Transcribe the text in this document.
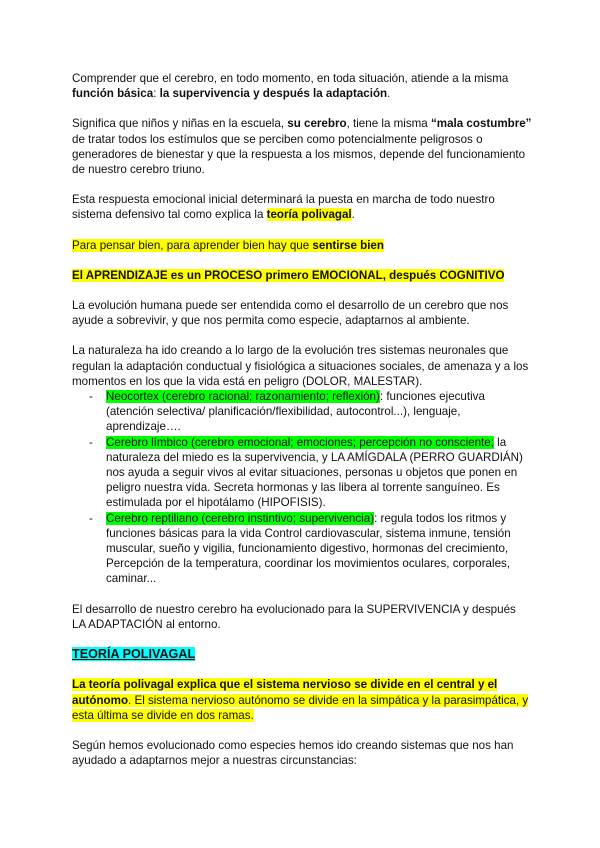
Comprender que el cerebro, en todo momento, en toda situación, atiende a la misma función básica: la supervivencia y después la adaptación.

Significa que niños y niñas en la escuela, su cerebro, tiene la misma “mala costumbre” de tratar todos los estímulos que se perciben como potencialmente peligrosos o generadores de bienestar y que la respuesta a los mismos, depende del funcionamiento de nuestro cerebro triuno.

Esta respuesta emocional inicial determinará la puesta en marcha de todo nuestro sistema defensivo tal como explica la teoría polivagal.

Para pensar bien, para aprender bien hay que sentirse bien

El APRENDIZAJE es un PROCESO primero EMOCIONAL, después COGNITIVO

La evolución humana puede ser entendida como el desarrollo de un cerebro que nos ayude a sobrevivir, y que nos permita como especie, adaptarnos al ambiente.

La naturaleza ha ido creando a lo largo de la evolución tres sistemas neuronales que regulan la adaptación conductual y fisiológica a situaciones sociales, de amenaza y a los momentos en los que la vida está en peligro (DOLOR, MALESTAR).

- Neocortex (cerebro racional; razonamiento; reflexión): funciones ejecutiva (atención selectiva/ planificación/flexibilidad, autocontrol...), lenguaje, aprendizaje….
- Cerebro límbico (cerebro emocional; emociones; percepción no consciente; la naturaleza del miedo es la supervivencia, y LA AMÍGDALA (PERRO GUARDIÁN) nos ayuda a seguir vivos al evitar situaciones, personas u objetos que ponen en peligro nuestra vida. Secreta hormonas y las libera al torrente sanguíneo. Es estimulada por el hipotálamo (HIPOFISIS).
- Cerebro reptiliano (cerebro instintivo; supervivencia): regula todos los ritmos y funciones básicas para la vida Control cardiovascular, sistema inmune, tensión muscular, sueño y vigilia, funcionamiento digestivo, hormonas del crecimiento, Percepción de la temperatura, coordinar los movimientos oculares, corporales, caminar...

El desarrollo de nuestro cerebro ha evolucionado para la SUPERVIVENCIA y después LA ADAPTACIÓN al entorno.

TEORÍA POLIVAGAL

La teoría polivagal explica que el sistema nervioso se divide en el central y el autónomo. El sistema nervioso autónomo se divide en la simpática y la parasimpática, y esta última se divide en dos ramas.

Según hemos evolucionado como especies hemos ido creando sistemas que nos han ayudado a adaptarnos mejor a nuestras circunstancias:
